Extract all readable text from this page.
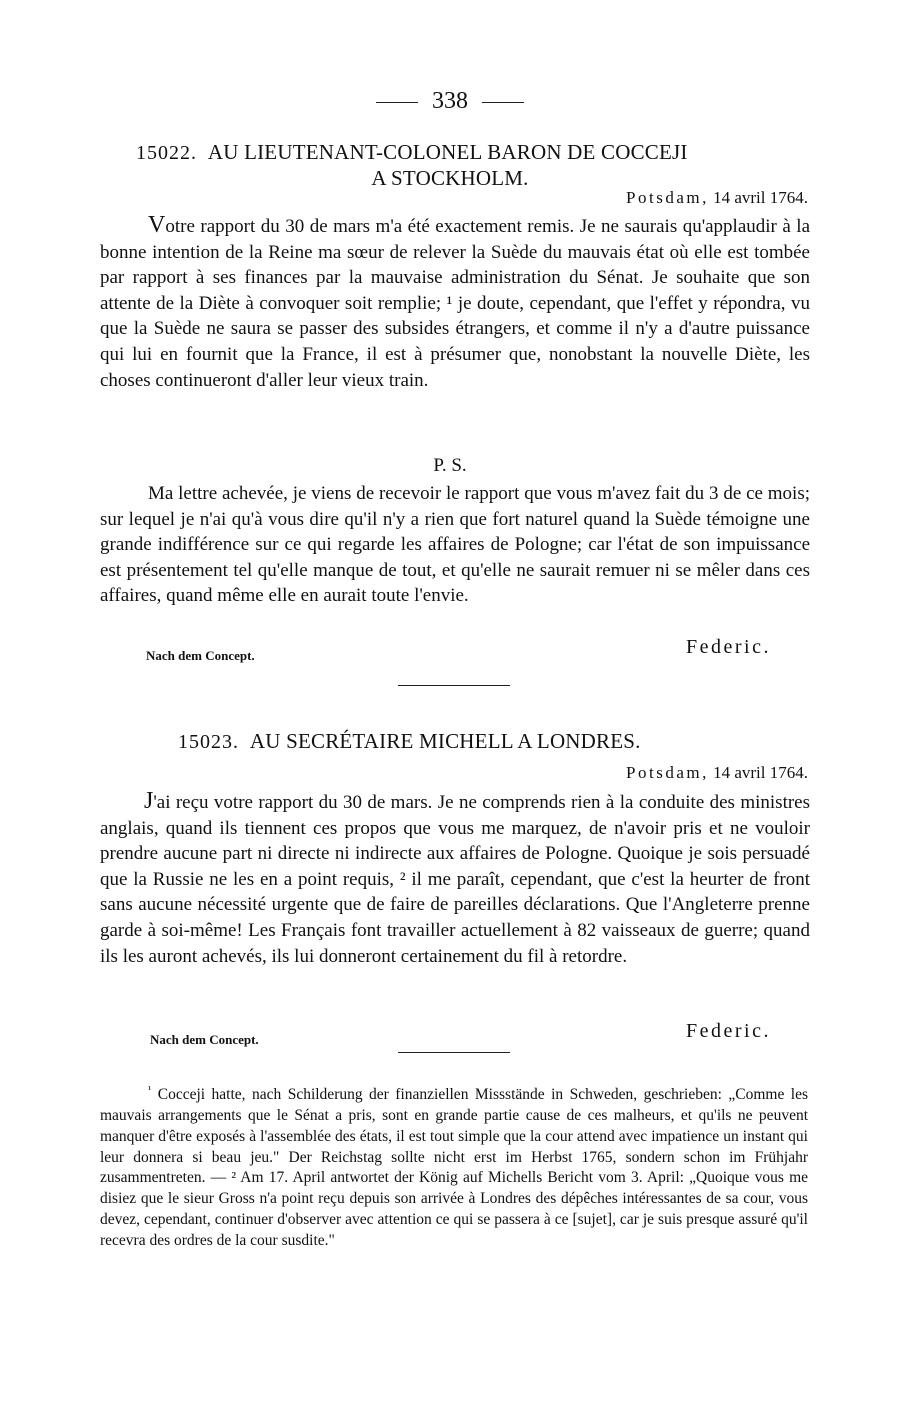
338
15022. AU LIEUTENANT-COLONEL BARON DE COCCEJI
A STOCKHOLM.
Potsdam, 14 avril 1764.
Votre rapport du 30 de mars m'a été exactement remis. Je ne saurais qu'applaudir à la bonne intention de la Reine ma sœur de relever la Suède du mauvais état où elle est tombée par rapport à ses finances par la mauvaise administration du Sénat. Je souhaite que son attente de la Diète à convoquer soit remplie; ¹ je doute, cependant, que l'effet y répondra, vu que la Suède ne saura se passer des subsides étrangers, et comme il n'y a d'autre puissance qui lui en fournit que la France, il est à présumer que, nonobstant la nouvelle Diète, les choses continueront d'aller leur vieux train.
P. S.
Ma lettre achevée, je viens de recevoir le rapport que vous m'avez fait du 3 de ce mois; sur lequel je n'ai qu'à vous dire qu'il n'y a rien que fort naturel quand la Suède témoigne une grande indifférence sur ce qui regarde les affaires de Pologne; car l'état de son impuissance est présentement tel qu'elle manque de tout, et qu'elle ne saurait remuer ni se mêler dans ces affaires, quand même elle en aurait toute l'envie.
Nach dem Concept.	Federic.
15023. AU SECRÉTAIRE MICHELL A LONDRES.
Potsdam, 14 avril 1764.
J'ai reçu votre rapport du 30 de mars. Je ne comprends rien à la conduite des ministres anglais, quand ils tiennent ces propos que vous me marquez, de n'avoir pris et ne vouloir prendre aucune part ni directe ni indirecte aux affaires de Pologne. Quoique je sois persuadé que la Russie ne les en a point requis, ² il me paraît, cependant, que c'est la heurter de front sans aucune nécessité urgente que de faire de pareilles déclarations. Que l'Angleterre prenne garde à soi-même! Les Français font travailler actuellement à 82 vaisseaux de guerre; quand ils les auront achevés, ils lui donneront certainement du fil à retordre.
Nach dem Concept.	Federic.
$^{^1}$ Cocceji hatte, nach Schilderung der finanziellen Missstände in Schweden, geschrieben: „Comme les mauvais arrangements que le Sénat a pris, sont en grande partie cause de ces malheurs, et qu'ils ne peuvent manquer d'être exposés à l'assemblée des états, il est tout simple que la cour attend avec impatience un instant qui leur donnera si beau jeu." Der Reichstag sollte nicht erst im Herbst 1765, sondern schon im Frühjahr zusammentreten. — ² Am 17. April antwortet der König auf Michells Bericht vom 3. April: „Quoique vous me disiez que le sieur Gross n'a point reçu depuis son arrivée à Londres des dépêches intéressantes de sa cour, vous devez, cependant, continuer d'observer avec attention ce qui se passera à ce [sujet], car je suis presque assuré qu'il recevra des ordres de la cour susdite."
